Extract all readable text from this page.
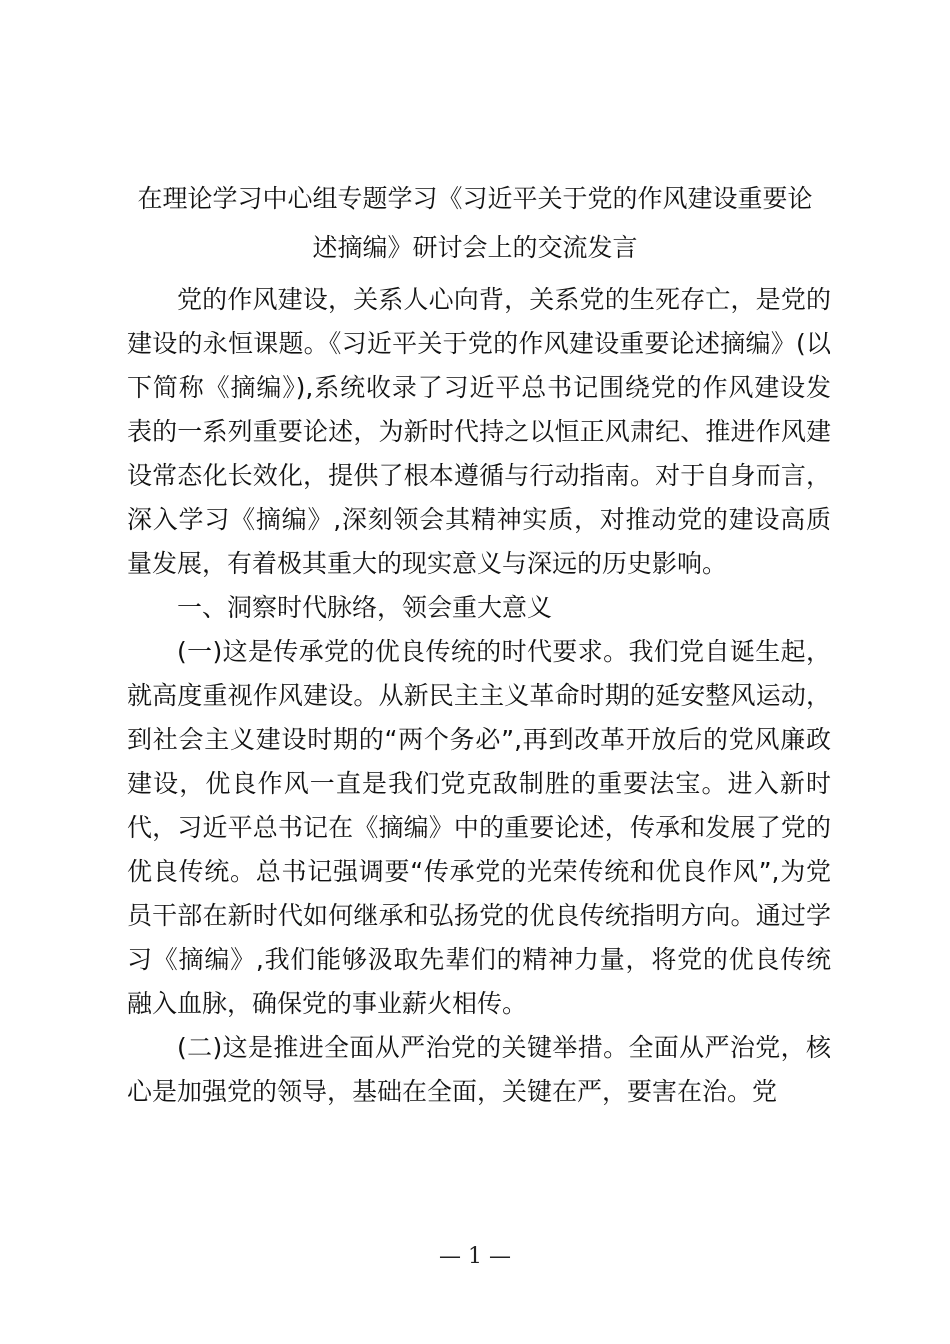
在理论学习中心组专题学习《习近平关于党的作风建设重要论
述摘编》研讨会上的交流发言

党的作风建设，关系人心向背，关系党的生死存亡，是党的建设的永恒课题。《习近平关于党的作风建设重要论述摘编》(以下简称《摘编》),系统收录了习近平总书记围绕党的作风建设发表的一系列重要论述，为新时代持之以恒正风肃纪、推进作风建设常态化长效化，提供了根本遵循与行动指南。对于自身而言，深入学习《摘编》,深刻领会其精神实质，对推动党的建设高质量发展，有着极其重大的现实意义与深远的历史影响。

一、洞察时代脉络，领会重大意义

(一)这是传承党的优良传统的时代要求。我们党自诞生起，就高度重视作风建设。从新民主主义革命时期的延安整风运动，到社会主义建设时期的“两个务必”,再到改革开放后的党风廉政建设，优良作风一直是我们党克敌制胜的重要法宝。进入新时代，习近平总书记在《摘编》中的重要论述，传承和发展了党的优良传统。总书记强调要“传承党的光荣传统和优良作风”,为党员干部在新时代如何继承和弘扬党的优良传统指明方向。通过学习《摘编》,我们能够汲取先辈们的精神力量，将党的优良传统融入血脉，确保党的事业薪火相传。

(二)这是推进全面从严治党的关键举措。全面从严治党，核心是加强党的领导，基础在全面，关键在严，要害在治。党

— 1 —
